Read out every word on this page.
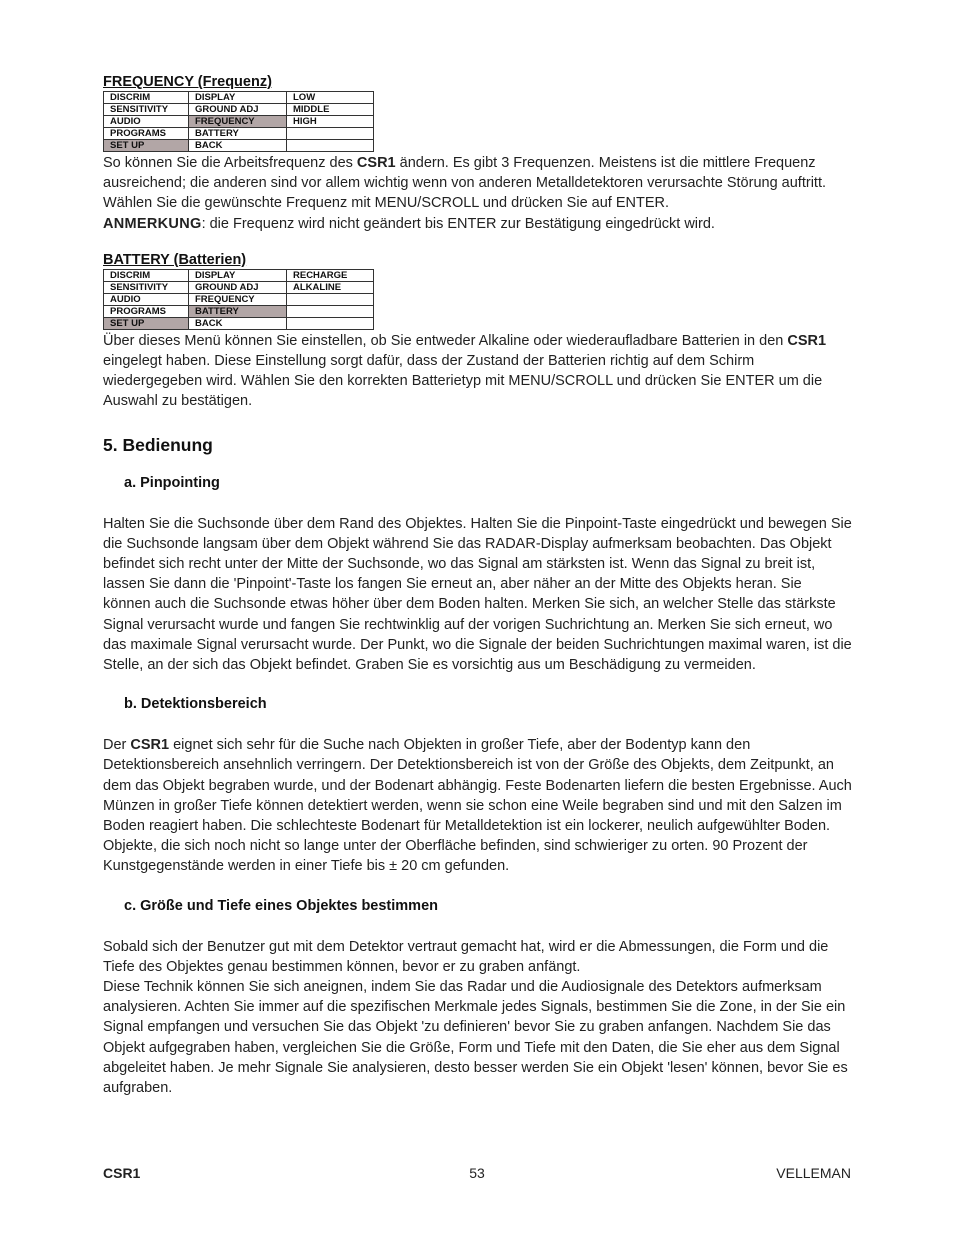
FREQUENCY (Frequenz)
DISCRIM	DISPLAY	LOW
SENSITIVITY	GROUND ADJ	MIDDLE
AUDIO	FREQUENCY	HIGH
PROGRAMS	BATTERY	
SET UP	BACK	

So können Sie die Arbeitsfrequenz des CSR1 ändern. Es gibt 3 Frequenzen. Meistens ist die mittlere Frequenz ausreichend; die anderen sind vor allem wichtig wenn von anderen Metalldetektoren verursachte Störung auftritt. Wählen Sie die gewünschte Frequenz mit MENU/SCROLL und drücken Sie auf ENTER.

ANMERKUNG: die Frequenz wird nicht geändert bis ENTER zur Bestätigung eingedrückt wird.

BATTERY (Batterien)
DISCRIM	DISPLAY	RECHARGE
SENSITIVITY	GROUND ADJ	ALKALINE
AUDIO	FREQUENCY	
PROGRAMS	BATTERY	
SET UP	BACK	

Über dieses Menü können Sie einstellen, ob Sie entweder Alkaline oder wiederaufladbare Batterien in den CSR1 eingelegt haben. Diese Einstellung sorgt dafür, dass der Zustand der Batterien richtig auf dem Schirm wiedergegeben wird. Wählen Sie den korrekten Batterietyp mit MENU/SCROLL und drücken Sie ENTER um die Auswahl zu bestätigen.

5. Bedienung
a. Pinpointing

Halten Sie die Suchsonde über dem Rand des Objektes. Halten Sie die Pinpoint-Taste eingedrückt und bewegen Sie die Suchsonde langsam über dem Objekt während Sie das RADAR-Display aufmerksam beobachten. Das Objekt befindet sich recht unter der Mitte der Suchsonde, wo das Signal am stärksten ist. Wenn das Signal zu breit ist, lassen Sie dann die 'Pinpoint'-Taste los fangen Sie erneut an, aber näher an der Mitte des Objekts heran. Sie können auch die Suchsonde etwas höher über dem Boden halten. Merken Sie sich, an welcher Stelle das stärkste Signal verursacht wurde und fangen Sie rechtwinklig auf der vorigen Suchrichtung an. Merken Sie sich erneut, wo das maximale Signal verursacht wurde. Der Punkt, wo die Signale der beiden Suchrichtungen maximal waren, ist die Stelle, an der sich das Objekt befindet. Graben Sie es vorsichtig aus um Beschädigung zu vermeiden.

b. Detektionsbereich

Der CSR1 eignet sich sehr für die Suche nach Objekten in großer Tiefe, aber der Bodentyp kann den Detektionsbereich ansehnlich verringern. Der Detektionsbereich ist von der Größe des Objekts, dem Zeitpunkt, an dem das Objekt begraben wurde, und der Bodenart abhängig. Feste Bodenarten liefern die besten Ergebnisse. Auch Münzen in großer Tiefe können detektiert werden, wenn sie schon eine Weile begraben sind und mit den Salzen im Boden reagiert haben. Die schlechteste Bodenart für Metalldetektion ist ein lockerer, neulich aufgewühlter Boden. Objekte, die sich noch nicht so lange unter der Oberfläche befinden, sind schwieriger zu orten. 90 Prozent der Kunstgegenstände werden in einer Tiefe bis ± 20 cm gefunden.

c. Größe und Tiefe eines Objektes bestimmen

Sobald sich der Benutzer gut mit dem Detektor vertraut gemacht hat, wird er die Abmessungen, die Form und die Tiefe des Objektes genau bestimmen können, bevor er zu graben anfängt.

Diese Technik können Sie sich aneignen, indem Sie das Radar und die Audiosignale des Detektors aufmerksam analysieren. Achten Sie immer auf die spezifischen Merkmale jedes Signals, bestimmen Sie die Zone, in der Sie ein Signal empfangen und versuchen Sie das Objekt 'zu definieren' bevor Sie zu graben anfangen. Nachdem Sie das Objekt aufgegraben haben, vergleichen Sie die Größe, Form und Tiefe mit den Daten, die Sie eher aus dem Signal abgeleitet haben. Je mehr Signale Sie analysieren, desto besser werden Sie ein Objekt 'lesen' können, bevor Sie es aufgraben.

53
CSR1	VELLEMAN
